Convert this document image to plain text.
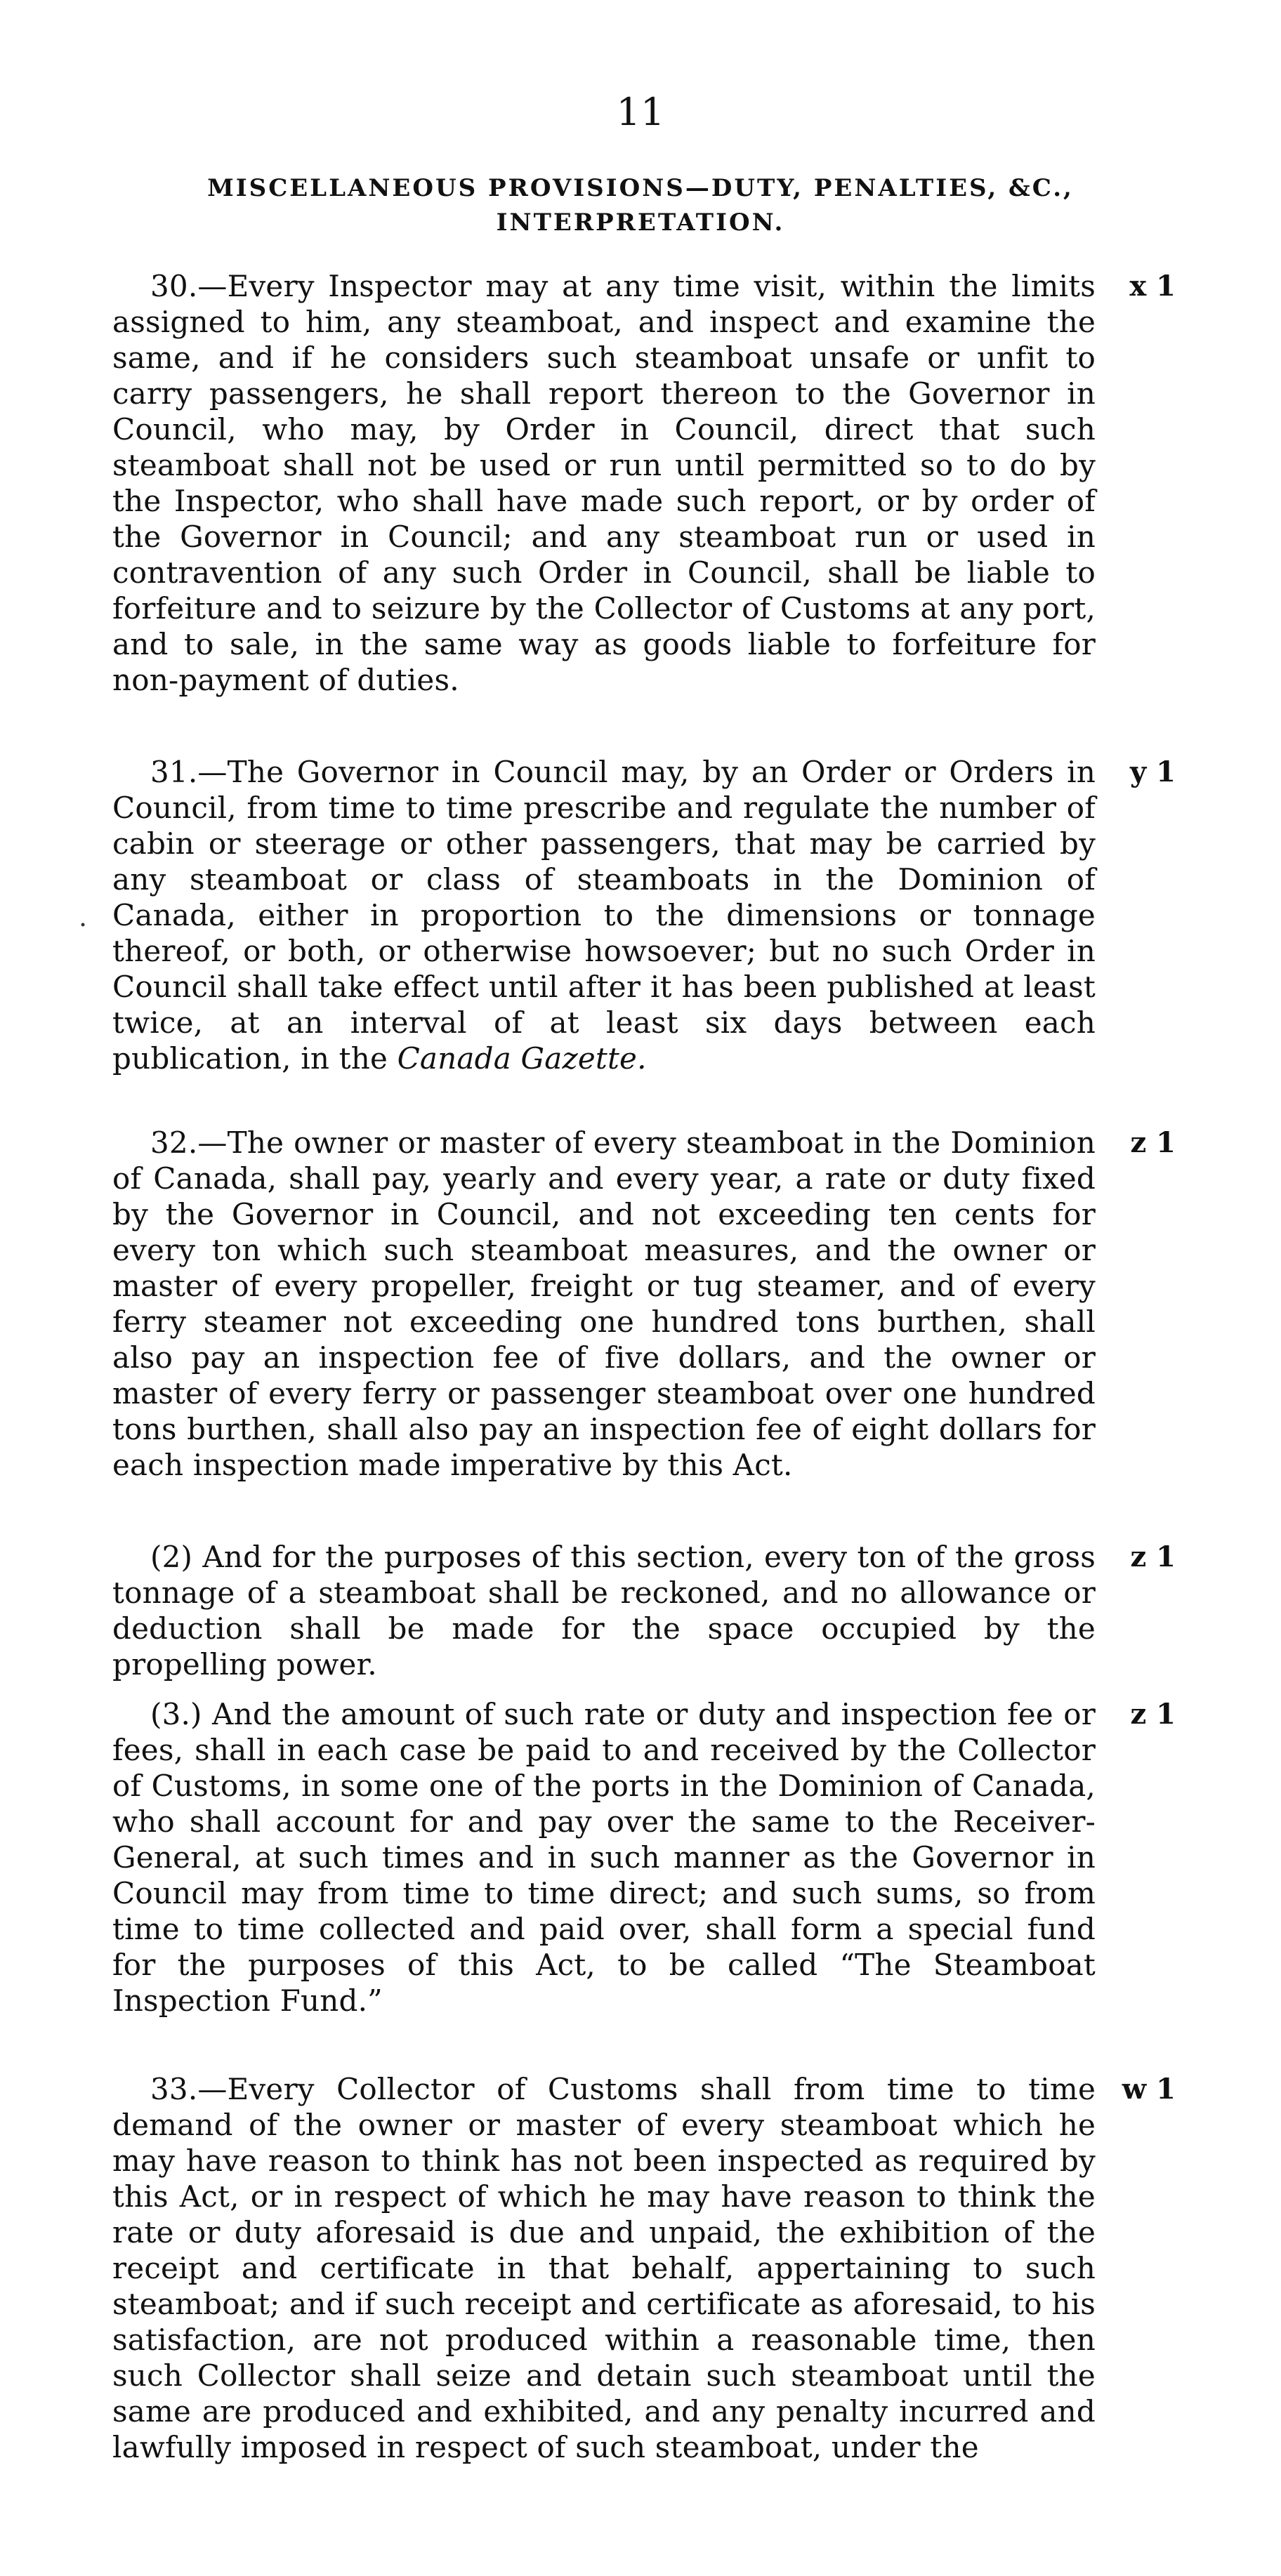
11
MISCELLANEOUS PROVISIONS—DUTY, PENALTIES, &C.,
INTERPRETATION.

30.—Every Inspector may at any time visit, within the limits assigned to him, any steamboat, and inspect and examine the same, and if he considers such steamboat unsafe or unfit to carry passengers, he shall report thereon to the Governor in Council, who may, by Order in Council, direct that such steamboat shall not be used or run until permitted so to do by the Inspector, who shall have made such report, or by order of the Governor in Council; and any steamboat run or used in contravention of any such Order in Council, shall be liable to forfeiture and to seizure by the Collector of Customs at any port, and to sale, in the same way as goods liable to forfeiture for non-payment of duties.

x 1

31.—The Governor in Council may, by an Order or Orders in Council, from time to time prescribe and regulate the number of cabin or steerage or other passengers, that may be carried by any steamboat or class of steamboats in the Dominion of Canada, either in proportion to the dimensions or tonnage thereof, or both, or otherwise howsoever; but no such Order in Council shall take effect until after it has been published at least twice, at an interval of at least six days between each publication, in the Canada Gazette.

y 1
.

32.—The owner or master of every steamboat in the Dominion of Canada, shall pay, yearly and every year, a rate or duty fixed by the Governor in Council, and not exceeding ten cents for every ton which such steamboat measures, and the owner or master of every propeller, freight or tug steamer, and of every ferry steamer not exceeding one hundred tons burthen, shall also pay an inspection fee of five dollars, and the owner or master of every ferry or passenger steamboat over one hundred tons burthen, shall also pay an inspection fee of eight dollars for each inspection made imperative by this Act.

z 1

(2) And for the purposes of this section, every ton of the gross tonnage of a steamboat shall be reckoned, and no allowance or deduction shall be made for the space occupied by the propelling power.

z 1

(3.) And the amount of such rate or duty and inspection fee or fees, shall in each case be paid to and received by the Collector of Customs, in some one of the ports in the Dominion of Canada, who shall account for and pay over the same to the Receiver-General, at such times and in such manner as the Governor in Council may from time to time direct; and such sums, so from time to time collected and paid over, shall form a special fund for the purposes of this Act, to be called “The Steamboat Inspection Fund.”

z 1

33.—Every Collector of Customs shall from time to time demand of the owner or master of every steamboat which he may have reason to think has not been inspected as required by this Act, or in respect of which he may have reason to think the rate or duty aforesaid is due and unpaid, the exhibition of the receipt and certificate in that behalf, appertaining to such steamboat; and if such receipt and certificate as aforesaid, to his satisfaction, are not produced within a reasonable time, then such Collector shall seize and detain such steamboat until the same are produced and exhibited, and any penalty incurred and lawfully imposed in respect of such steamboat, under the

w 1
